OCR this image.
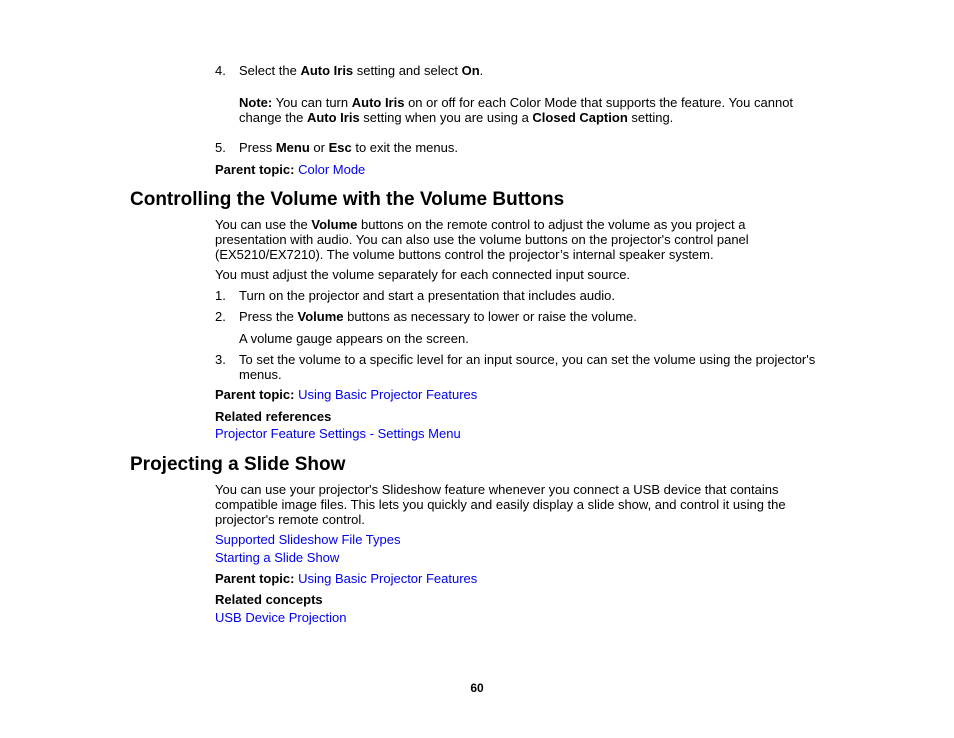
4. Select the Auto Iris setting and select On.
Note: You can turn Auto Iris on or off for each Color Mode that supports the feature. You cannot
change the Auto Iris setting when you are using a Closed Caption setting.
5. Press Menu or Esc to exit the menus.
Parent topic: Color Mode
Controlling the Volume with the Volume Buttons
You can use the Volume buttons on the remote control to adjust the volume as you project a
presentation with audio. You can also use the volume buttons on the projector's control panel
(EX5210/EX7210). The volume buttons control the projector’s internal speaker system.
You must adjust the volume separately for each connected input source.
1. Turn on the projector and start a presentation that includes audio.
2. Press the Volume buttons as necessary to lower or raise the volume.
A volume gauge appears on the screen.
3. To set the volume to a specific level for an input source, you can set the volume using the projector's
menus.
Parent topic: Using Basic Projector Features
Related references
Projector Feature Settings - Settings Menu
Projecting a Slide Show
You can use your projector's Slideshow feature whenever you connect a USB device that contains
compatible image files. This lets you quickly and easily display a slide show, and control it using the
projector's remote control.
Supported Slideshow File Types
Starting a Slide Show
Parent topic: Using Basic Projector Features
Related concepts
USB Device Projection
60
